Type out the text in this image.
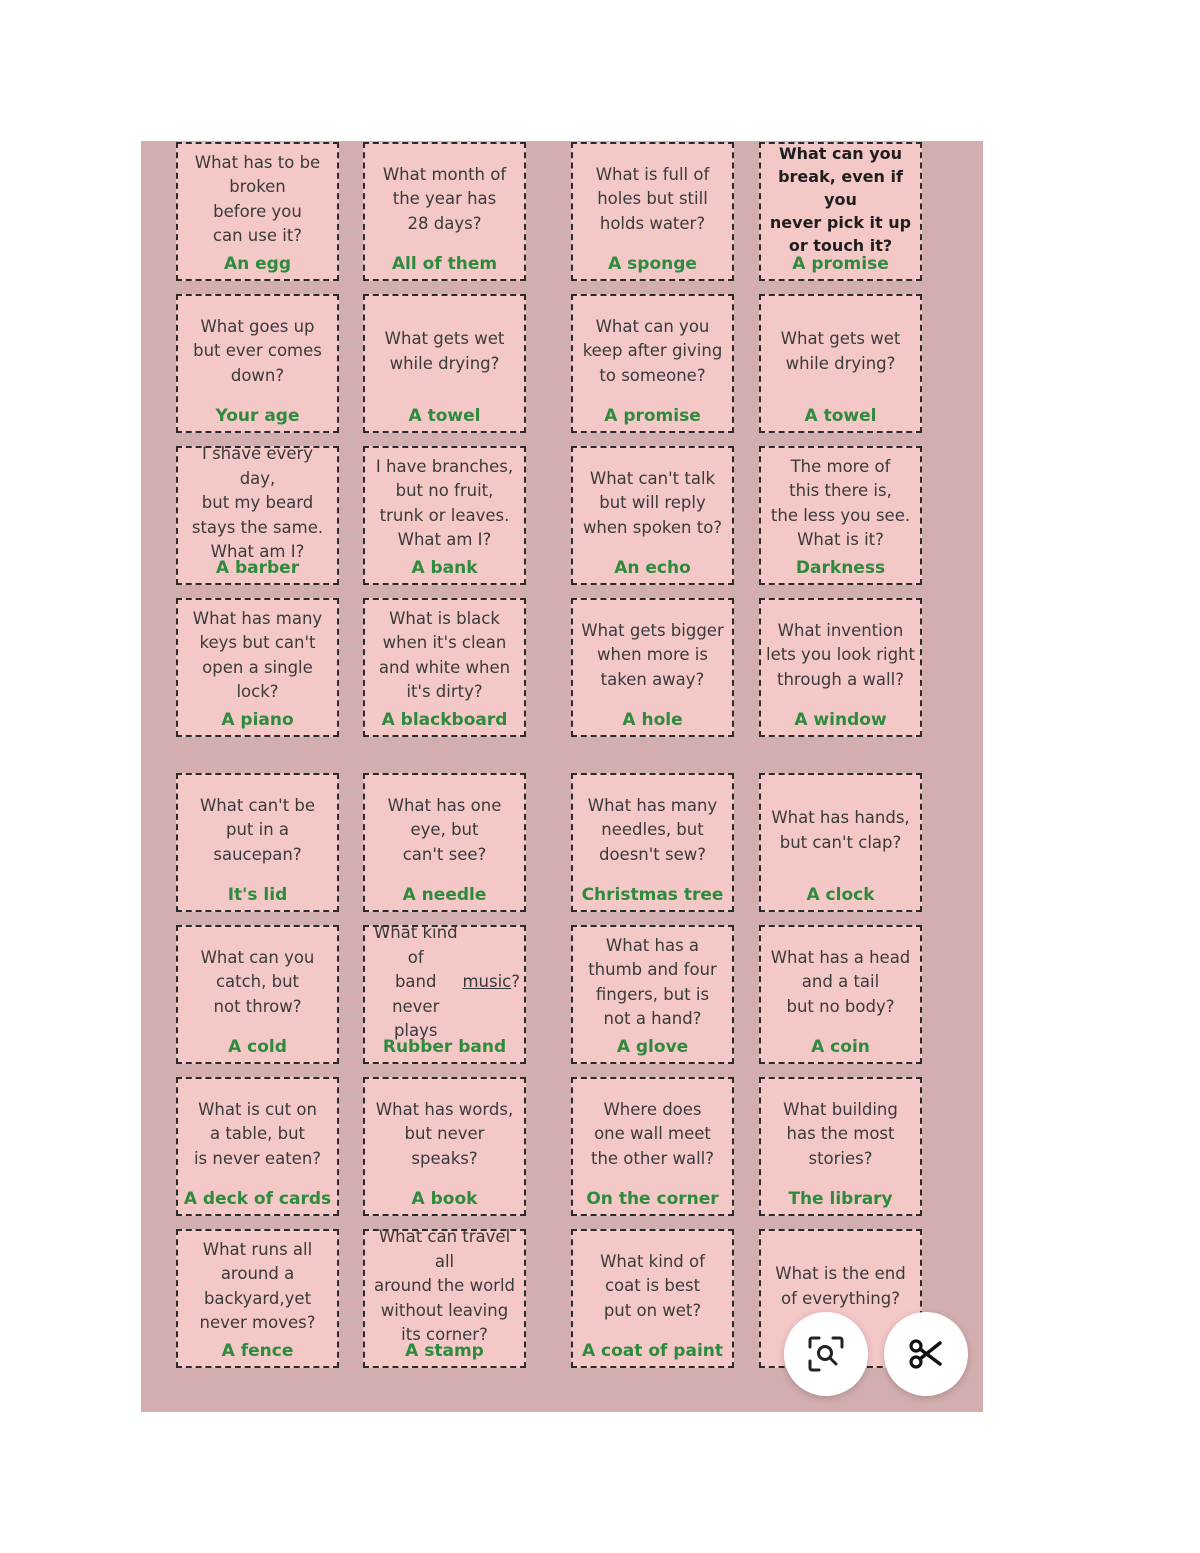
What has to be
broken
before you
can use it?
An egg
What month of
the year has
28 days?
All of them
What is full of
holes but still
holds water?
A sponge
What can you
break, even if you
never pick it up
or touch it?
A promise
What goes up
but ever comes
down?
Your age
What gets wet
while drying?
A towel
What can you
keep after giving
to someone?
A promise
What gets wet
while drying?
A towel
I shave every day,
but my beard
stays the same.
What am I?
A barber
I have branches,
but no fruit,
trunk or leaves.
What am I?
A bank
What can't talk
but will reply
when spoken to?
An echo
The more of
this there is,
the less you see.
What is it?
Darkness
What has many
keys but can't
open a single
lock?
A piano
What is black
when it's clean
and white when
it's dirty?
A blackboard
What gets bigger
when more is
taken away?
A hole
What invention
lets you look right
through a wall?
A window
What can't be
put in a
saucepan?
It's lid
What has one
eye, but
can't see?
A needle
What has many
needles, but
doesn't sew?
Christmas tree
What has hands,
but can't clap?
A clock
What can you
catch, but
not throw?
A cold
What kind of
band never
plays
music ?
Rubber band
What has a
thumb and four
fingers, but is
not a hand?
A glove
What has a head
and a tail
but no body?
A coin
What is cut on
a table, but
is never eaten?
A deck of cards
What has words,
but never speaks?
A book
Where does
one wall meet
the other wall?
On the corner
What building
has the most
stories?
The library
What runs all
around a
backyard,yet
never moves?
A fence
What can travel all
around the world
without leaving
its corner?
A stamp
What kind of
coat is best
put on wet?
A coat of paint
What is the end
of everything?
